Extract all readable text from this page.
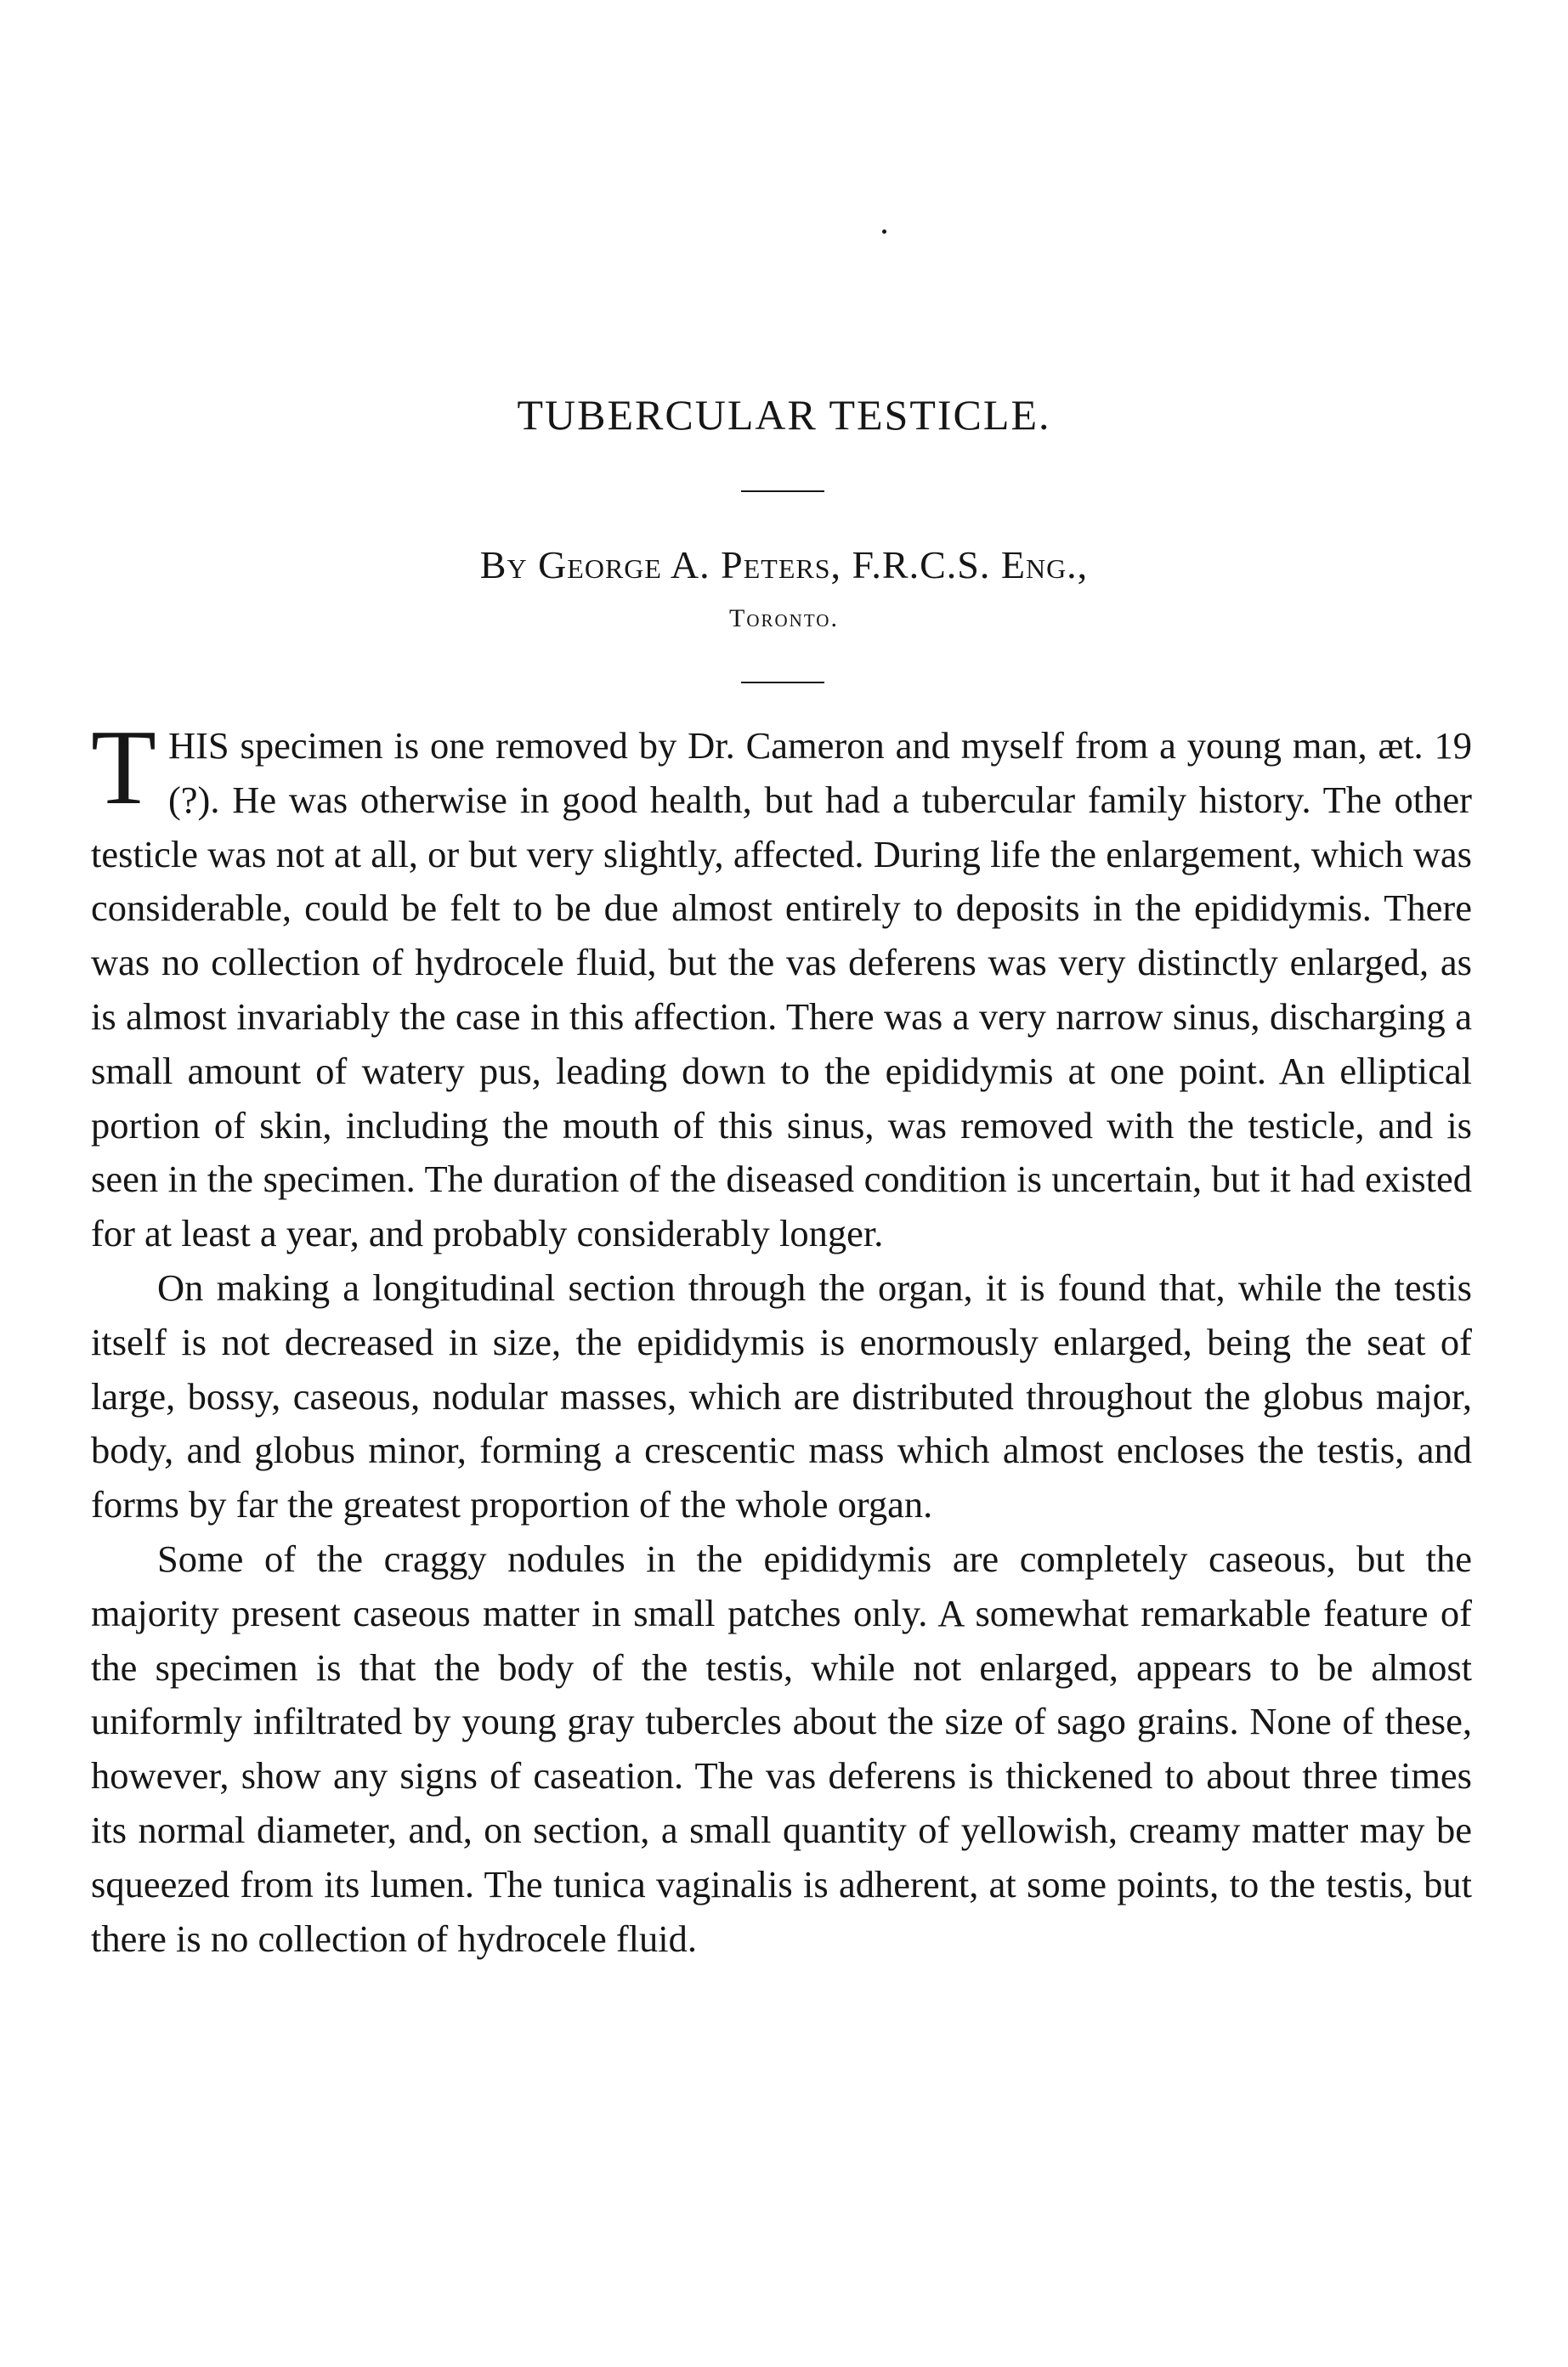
TUBERCULAR TESTICLE.
By George A. Peters, F.R.C.S. Eng.,
Toronto.

THIS specimen is one removed by Dr. Cameron and myself from a young man, æt. 19 (?). He was otherwise in good health, but had a tubercular family history. The other testicle was not at all, or but very slightly, affected. During life the enlargement, which was considerable, could be felt to be due almost entirely to deposits in the epididymis. There was no collection of hydrocele fluid, but the vas deferens was very distinctly enlarged, as is almost invariably the case in this affection. There was a very narrow sinus, discharging a small amount of watery pus, leading down to the epididymis at one point. An elliptical portion of skin, including the mouth of this sinus, was removed with the testicle, and is seen in the specimen. The duration of the diseased condition is uncertain, but it had existed for at least a year, and probably considerably longer.

On making a longitudinal section through the organ, it is found that, while the testis itself is not decreased in size, the epididymis is enormously enlarged, being the seat of large, bossy, caseous, nodular masses, which are distributed throughout the globus major, body, and globus minor, forming a crescentic mass which almost encloses the testis, and forms by far the greatest proportion of the whole organ.

Some of the craggy nodules in the epididymis are completely caseous, but the majority present caseous matter in small patches only. A somewhat remarkable feature of the specimen is that the body of the testis, while not enlarged, appears to be almost uniformly infiltrated by young gray tubercles about the size of sago grains. None of these, however, show any signs of caseation. The vas deferens is thickened to about three times its normal diameter, and, on section, a small quantity of yellowish, creamy matter may be squeezed from its lumen. The tunica vaginalis is adherent, at some points, to the testis, but there is no collection of hydrocele fluid.
